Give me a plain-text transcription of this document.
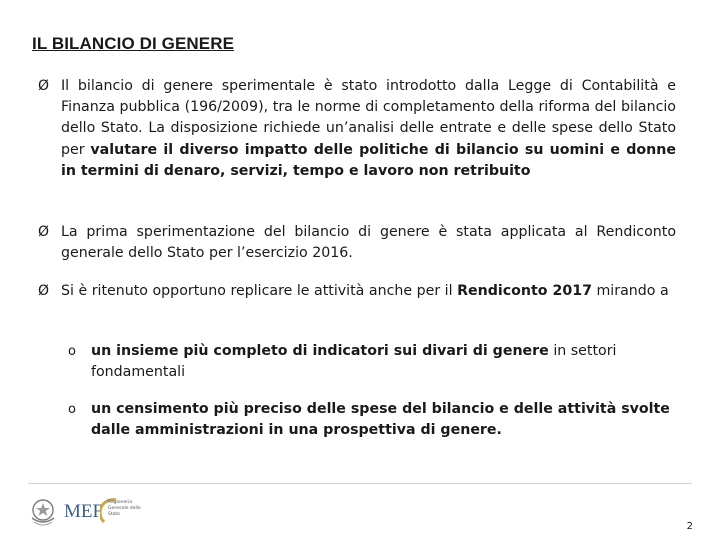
IL BILANCIO DI GENERE
Ø Il bilancio di genere sperimentale è stato introdotto dalla Legge di Contabilità e Finanza pubblica (196/2009), tra le norme di completamento della riforma del bilancio dello Stato. La disposizione richiede un’analisi delle entrate e delle spese dello Stato per valutare il diverso impatto delle politiche di bilancio su uomini e donne in termini di denaro, servizi, tempo e lavoro non retribuito
Ø La prima sperimentazione del bilancio di genere è stata applicata al Rendiconto generale dello Stato per l’esercizio 2016.
Ø Si è ritenuto opportuno replicare le attività anche per il Rendiconto 2017 mirando a
o un insieme più completo di indicatori sui divari di genere in settori fondamentali
o un censimento più preciso delle spese del bilancio e delle attività svolte dalle amministrazioni in una prospettiva di genere.
MEF Ragioneria Generale dello Stato
2
